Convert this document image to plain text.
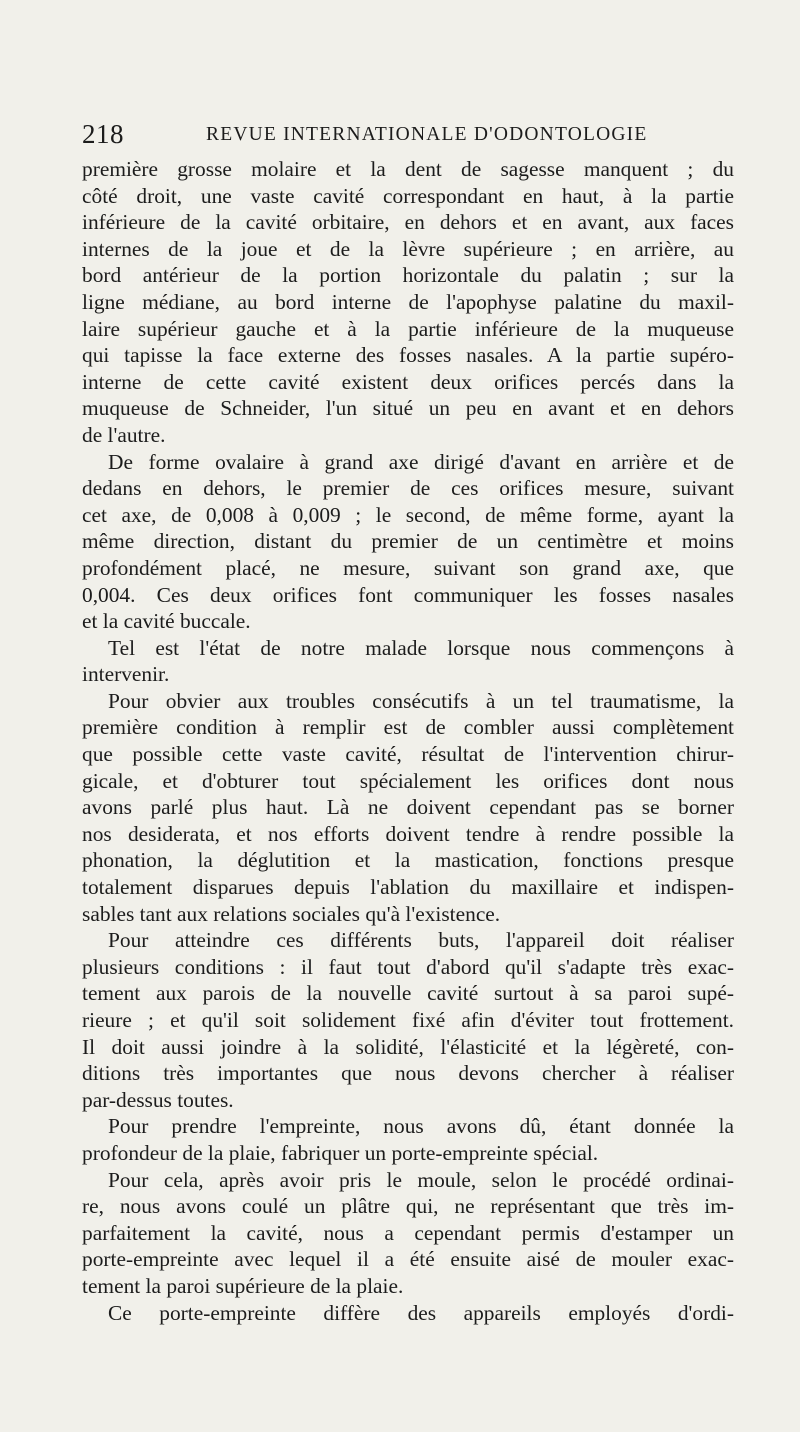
218	REVUE INTERNATIONALE D'ODONTOLOGIE

première grosse molaire et la dent de sagesse manquent ; du
côté droit, une vaste cavité correspondant en haut, à la partie
inférieure de la cavité orbitaire, en dehors et en avant, aux faces
internes de la joue et de la lèvre supérieure ; en arrière, au
bord antérieur de la portion horizontale du palatin ; sur la
ligne médiane, au bord interne de l'apophyse palatine du maxil-
laire supérieur gauche et à la partie inférieure de la muqueuse
qui tapisse la face externe des fosses nasales. A la partie supéro-
interne de cette cavité existent deux orifices percés dans la
muqueuse de Schneider, l'un situé un peu en avant et en dehors
de l'autre.

De forme ovalaire à grand axe dirigé d'avant en arrière et de
dedans en dehors, le premier de ces orifices mesure, suivant
cet axe, de 0,008 à 0,009 ; le second, de même forme, ayant la
même direction, distant du premier de un centimètre et moins
profondément placé, ne mesure, suivant son grand axe, que
0,004. Ces deux orifices font communiquer les fosses nasales
et la cavité buccale.

Tel est l'état de notre malade lorsque nous commençons à
intervenir.

Pour obvier aux troubles consécutifs à un tel traumatisme, la
première condition à remplir est de combler aussi complètement
que possible cette vaste cavité, résultat de l'intervention chirur-
gicale, et d'obturer tout spécialement les orifices dont nous
avons parlé plus haut. Là ne doivent cependant pas se borner
nos desiderata, et nos efforts doivent tendre à rendre possible la
phonation, la déglutition et la mastication, fonctions presque
totalement disparues depuis l'ablation du maxillaire et indispen-
sables tant aux relations sociales qu'à l'existence.

Pour atteindre ces différents buts, l'appareil doit réaliser
plusieurs conditions : il faut tout d'abord qu'il s'adapte très exac-
tement aux parois de la nouvelle cavité surtout à sa paroi supé-
rieure ; et qu'il soit solidement fixé afin d'éviter tout frottement.
Il doit aussi joindre à la solidité, l'élasticité et la légèreté, con-
ditions très importantes que nous devons chercher à réaliser
par-dessus toutes.

Pour prendre l'empreinte, nous avons dû, étant donnée la
profondeur de la plaie, fabriquer un porte-empreinte spécial.

Pour cela, après avoir pris le moule, selon le procédé ordinai-
re, nous avons coulé un plâtre qui, ne représentant que très im-
parfaitement la cavité, nous a cependant permis d'estamper un
porte-empreinte avec lequel il a été ensuite aisé de mouler exac-
tement la paroi supérieure de la plaie.

Ce porte-empreinte diffère des appareils employés d'ordi-
